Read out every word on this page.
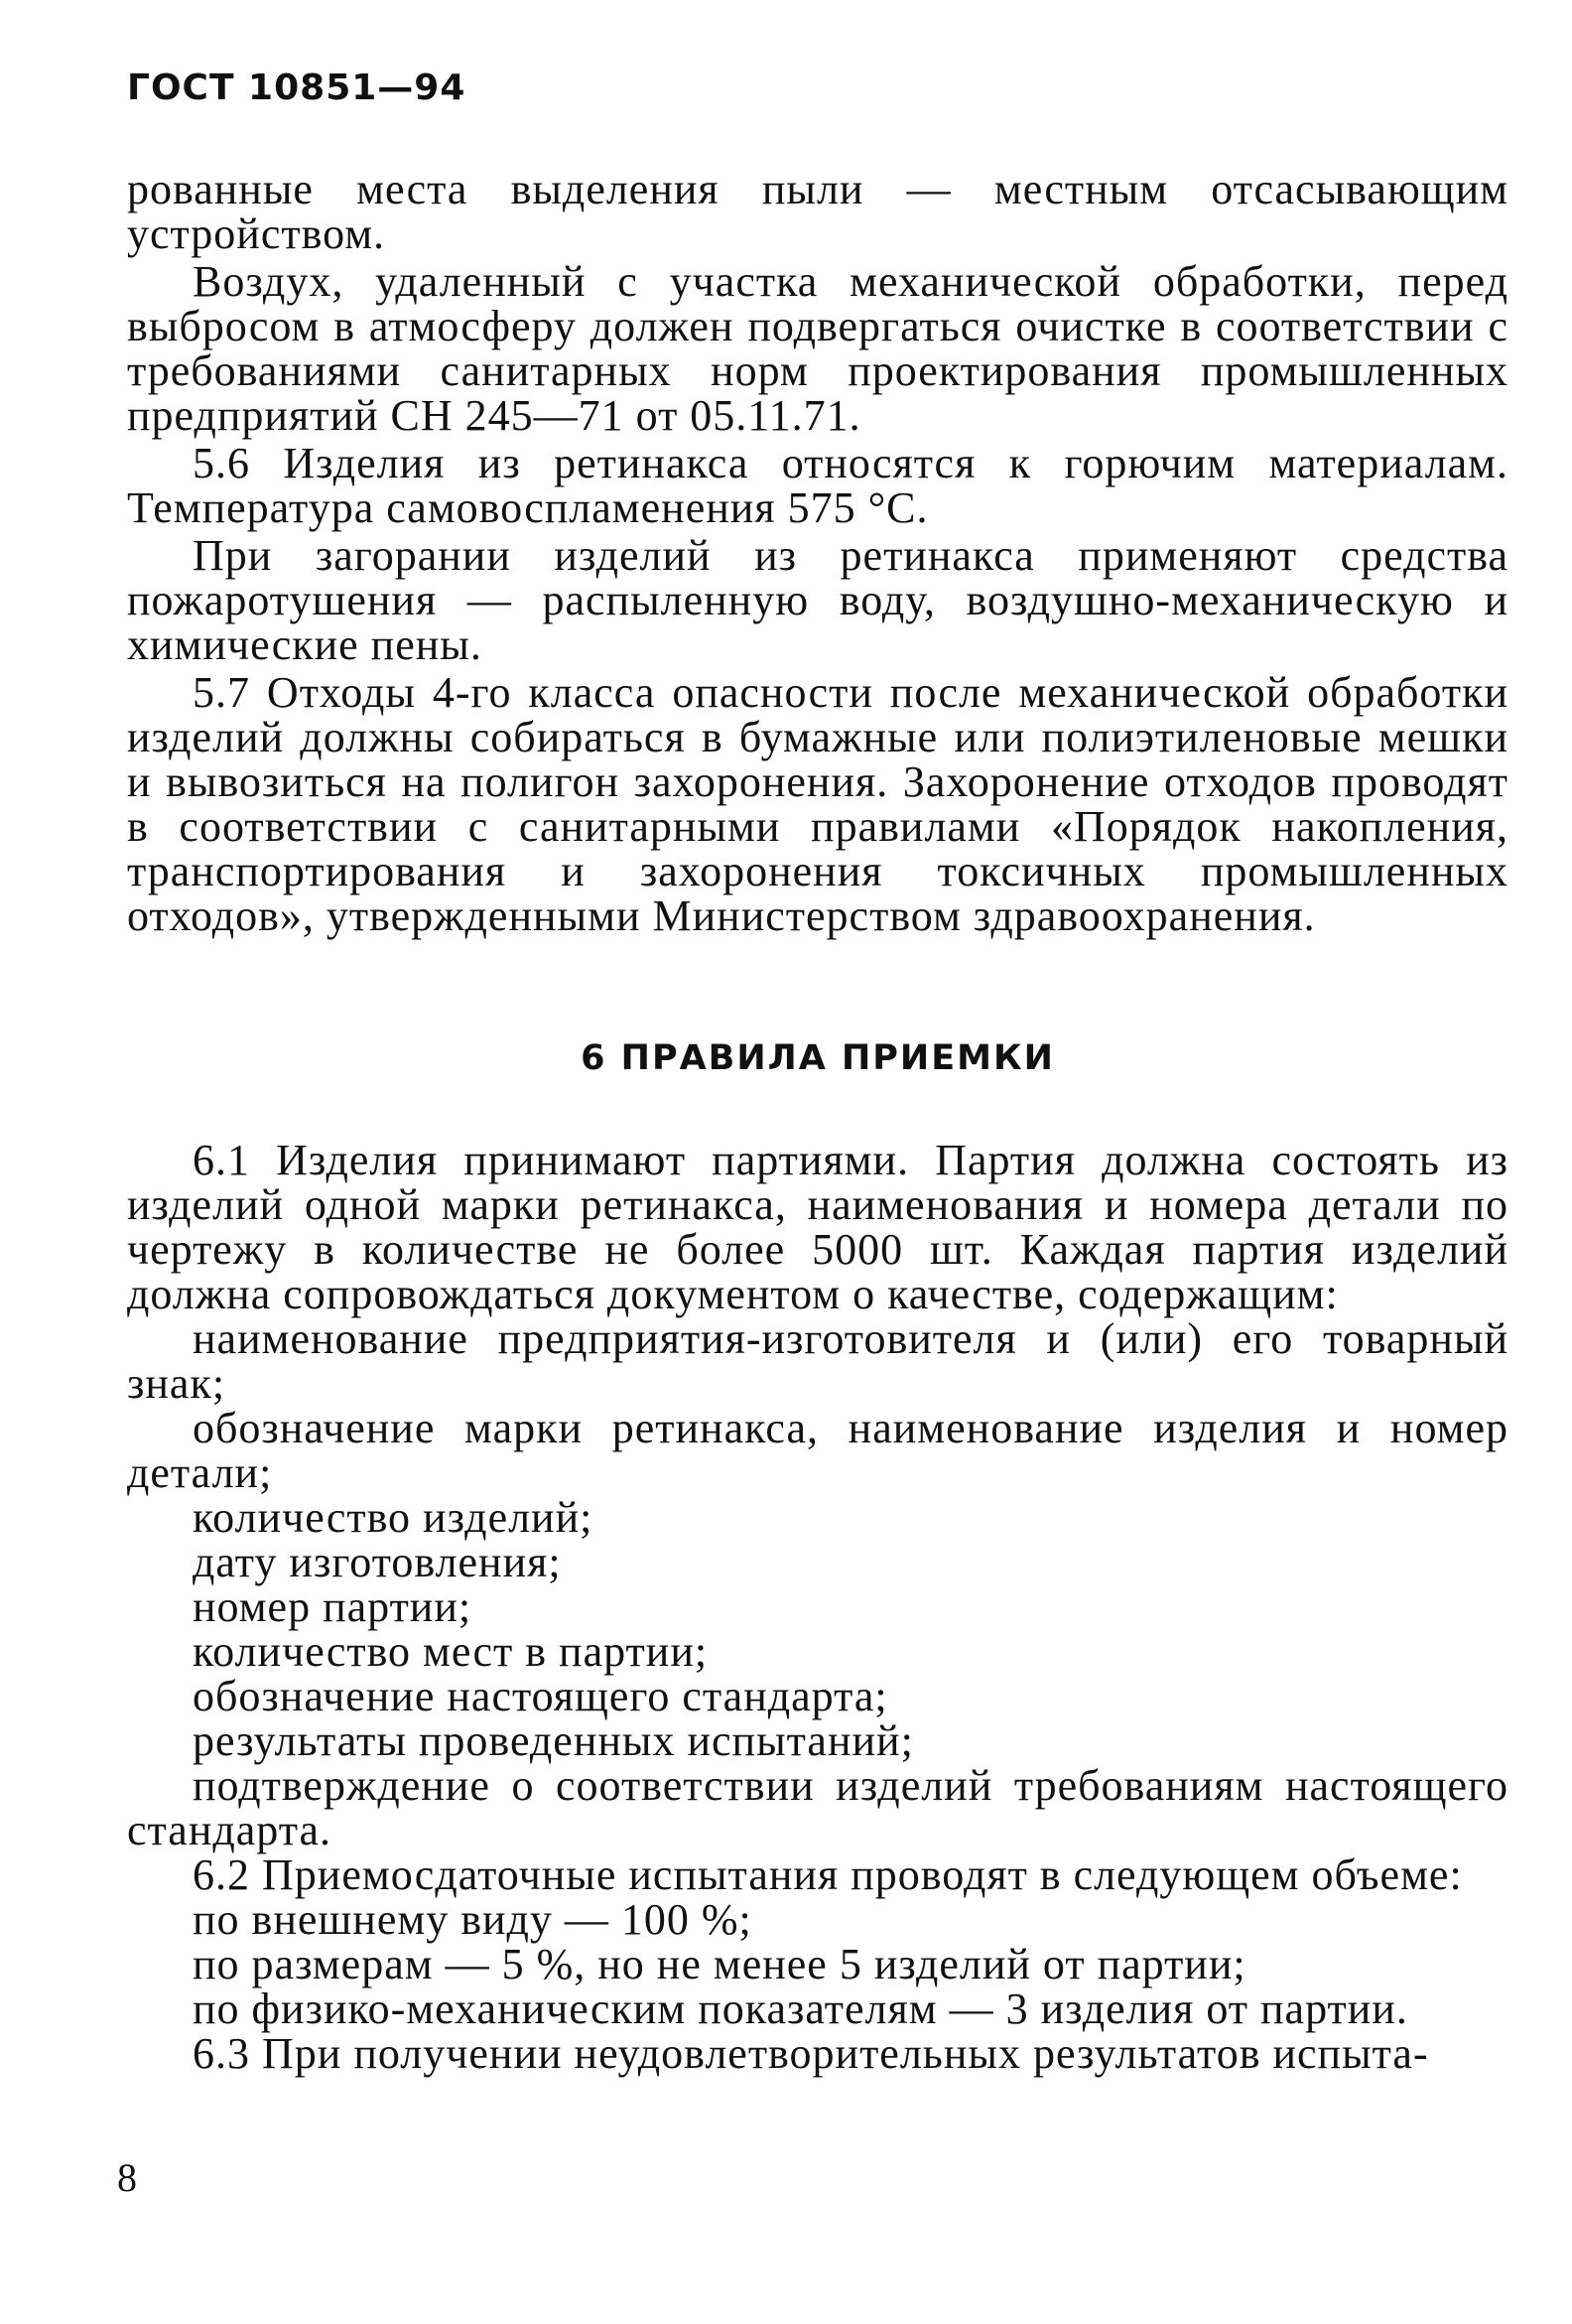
ГОСТ 10851—94

рованные места выделения пыли — местным отсасывающим устройством.

Воздух, удаленный с участка механической обработки, перед выбросом в атмосферу должен подвергаться очистке в соответствии с требованиями санитарных норм проектирования промышленных предприятий СН 245—71 от 05.11.71.

5.6 Изделия из ретинакса относятся к горючим материалам. Температура самовоспламенения 575 °С.

При загорании изделий из ретинакса применяют средства пожаротушения — распыленную воду, воздушно-механическую и химические пены.

5.7 Отходы 4-го класса опасности после механической обработки изделий должны собираться в бумажные или полиэтиленовые мешки и вывозиться на полигон захоронения. Захоронение отходов проводят в соответствии с санитарными правилами «Порядок накопления, транспортирования и захоронения токсичных промышленных отходов», утвержденными Министерством здравоохранения.

6 ПРАВИЛА ПРИЕМКИ

6.1 Изделия принимают партиями. Партия должна состоять из изделий одной марки ретинакса, наименования и номера детали по чертежу в количестве не более 5000 шт. Каждая партия изделий должна сопровождаться документом о качестве, содержащим:

наименование предприятия-изготовителя и (или) его товарный знак;

обозначение марки ретинакса, наименование изделия и номер детали;

количество изделий;

дату изготовления;

номер партии;

количество мест в партии;

обозначение настоящего стандарта;

результаты проведенных испытаний;

подтверждение о соответствии изделий требованиям настоящего стандарта.

6.2 Приемосдаточные испытания проводят в следующем объеме:

по внешнему виду — 100 %;

по размерам — 5 %, но не менее 5 изделий от партии;

по физико-механическим показателям — 3 изделия от партии.

6.3 При получении неудовлетворительных результатов испыта-

8
